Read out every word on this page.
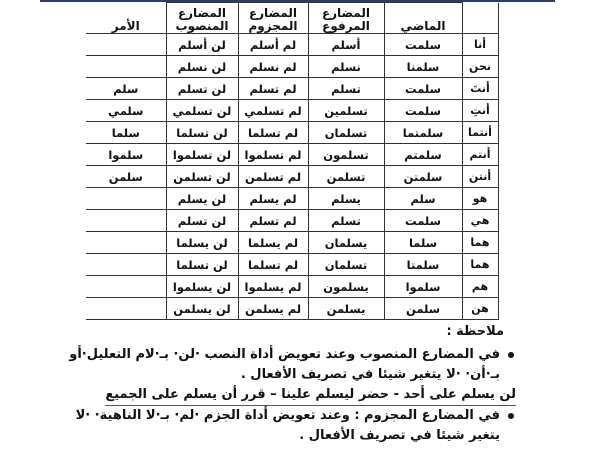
	الماضي	المضارع المرفوع	المضارع المجزوم	المضارع المنصوب	الأمر
أنا	سلمت	أسلم	لم أسلم	لن أسلم	
نحن	سلمنا	نسلم	لم نسلم	لن نسلم	
أنتَ	سلمت	تسلم	لم تسلم	لن تسلم	سلم
أنتِ	سلمت	تسلمين	لم تسلمي	لن تسلمي	سلمي
أنتما	سلمتما	تسلمان	لم تسلما	لن تسلما	سلما
أنتم	سلمتم	تسلمون	لم تسلموا	لن تسلموا	سلموا
أنتن	سلمتن	تسلمن	لم تسلمن	لن تسلمن	سلمن
هو	سلم	يسلم	لم يسلم	لن يسلم	
هي	سلمت	تسلم	لم تسلم	لن تسلم	
هما	سلما	يسلمان	لم يسلما	لن يسلما	
هما	سلمتا	تسلمان	لم تسلما	لن تسلما	
هم	سلموا	يسلمون	لم يسلموا	لن يسلموا	
هن	سلمن	يسلمن	لم يسلمن	لن يسلمن	
ملاحظة :
في المضارع المنصوب وعند تعويض أداة النصب ·لن· بـ·لام التعليل·أو بـ·أن· ·لا يتغير شيئا في تصريف الأفعال .
لن يسلم على أحد - حضر ليسلم علينا – قرر أن يسلم على الجميع
في المضارع المجزوم : وعند تعويض أداة الجزم ·لم· بـ·لا الناهية· ·لا يتغير شيئا في تصريف الأفعال .
